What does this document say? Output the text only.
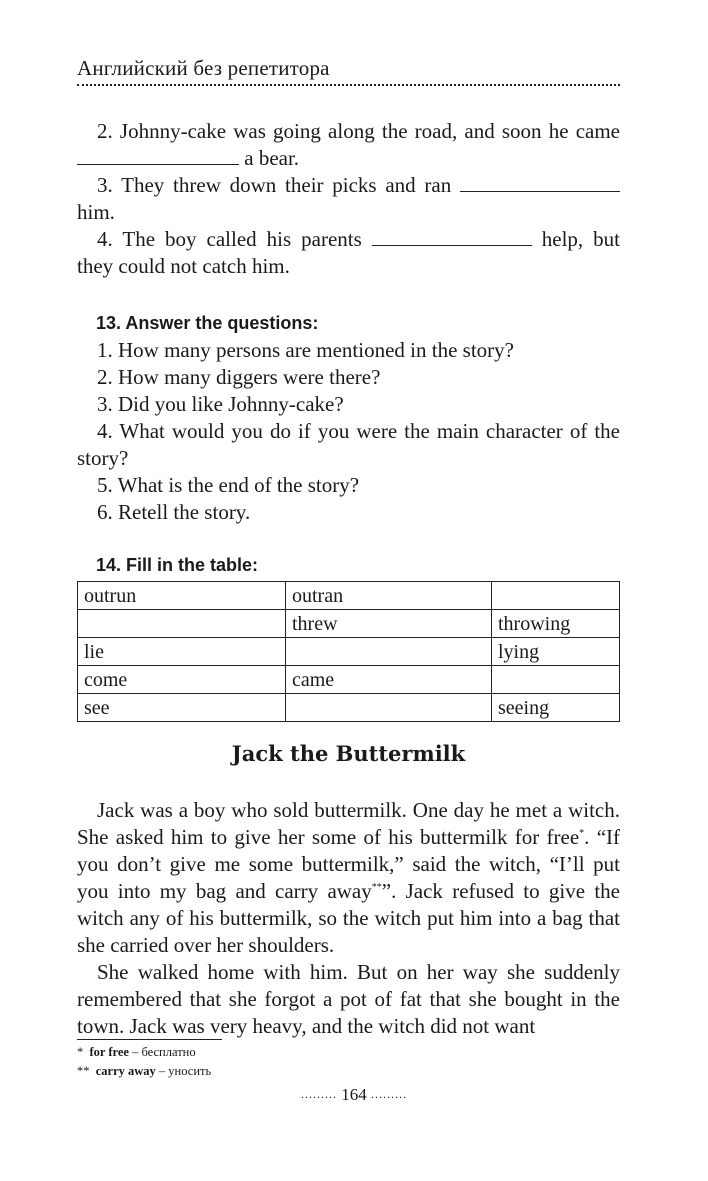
Английский без репетитора

2. Johnny-cake was going along the road, and soon he came  a bear.

3. They threw down their picks and ran  him.

4. The boy called his parents	help, but they could not catch him.

13. Answer the questions:

1. How many persons are mentioned in the story?

2. How many diggers were there?

3. Did you like Johnny-cake?

4. What would you do if you were the main character of the story?

5. What is the end of the story?

6. Retell the story.

14. Fill in the table:
outrun	outran	
	threw	throwing
lie		lying
come	came	
see		seeing
Jack the Buttermilk

Jack was a boy who sold buttermilk. One day he met a witch. She asked him to give her some of his buttermilk for free*. “If you don’t give me some buttermilk,” said the witch, “I’ll put you into my bag and carry away**”. Jack refused to give the witch any of his buttermilk, so the witch put him into a bag that she carried over her shoulders.

She walked home with him. But on her way she suddenly remembered that she forgot a pot of fat that she bought in the town. Jack was very heavy, and the witch did not want

* for free – бесплатно
** carry away – уносить
......... 164 .........
